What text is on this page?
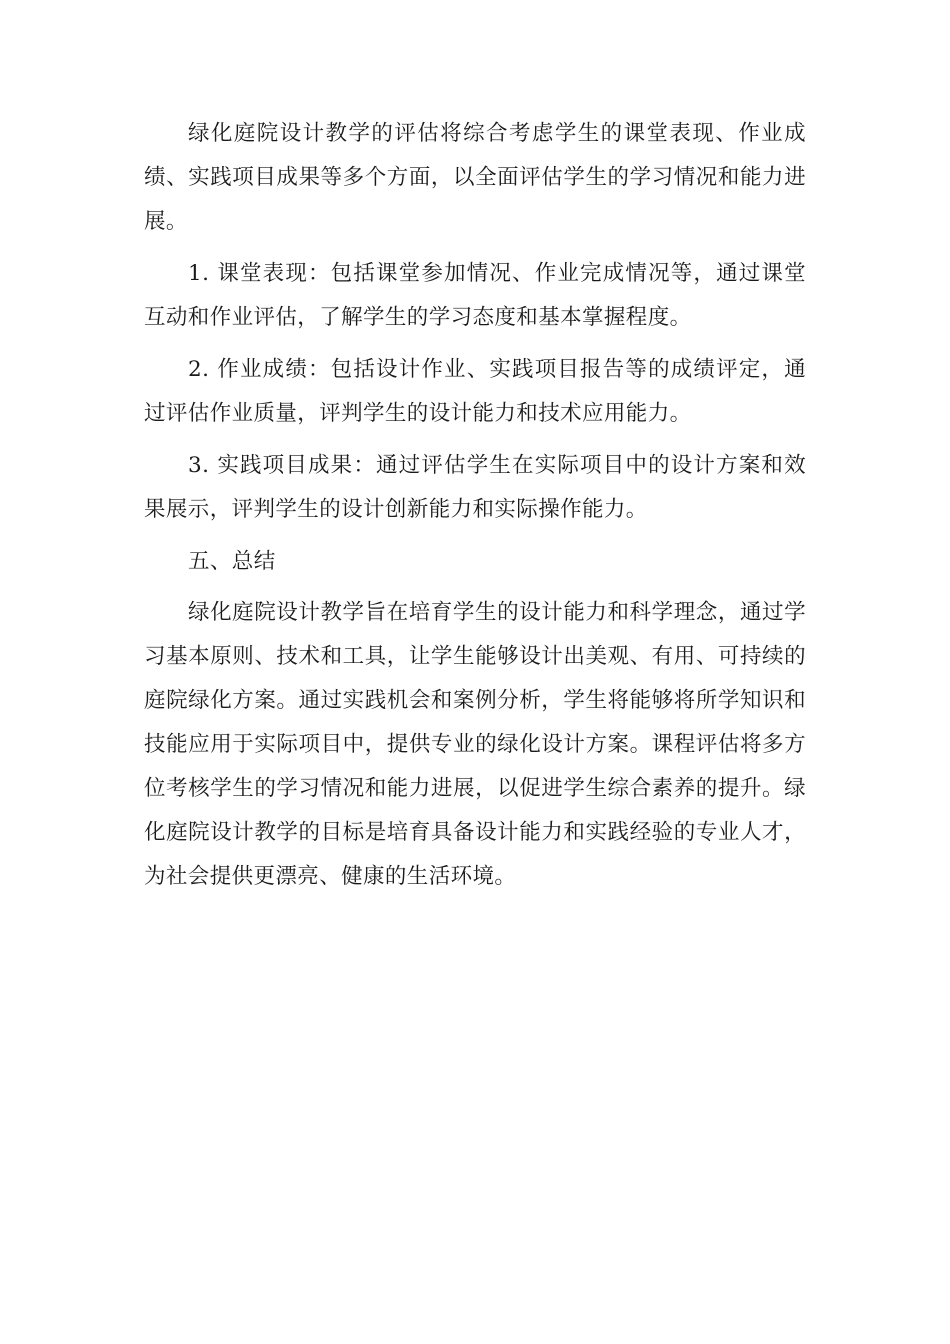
绿化庭院设计教学的评估将综合考虑学生的课堂表现、作业成绩、实践项目成果等多个方面，以全面评估学生的学习情况和能力进展。

1. 课堂表现：包括课堂参加情况、作业完成情况等，通过课堂互动和作业评估，了解学生的学习态度和基本掌握程度。

2. 作业成绩：包括设计作业、实践项目报告等的成绩评定，通过评估作业质量，评判学生的设计能力和技术应用能力。

3. 实践项目成果：通过评估学生在实际项目中的设计方案和效果展示，评判学生的设计创新能力和实际操作能力。

五、总结

绿化庭院设计教学旨在培育学生的设计能力和科学理念，通过学习基本原则、技术和工具，让学生能够设计出美观、有用、可持续的庭院绿化方案。通过实践机会和案例分析，学生将能够将所学知识和技能应用于实际项目中，提供专业的绿化设计方案。课程评估将多方位考核学生的学习情况和能力进展，以促进学生综合素养的提升。绿化庭院设计教学的目标是培育具备设计能力和实践经验的专业人才，为社会提供更漂亮、健康的生活环境。
